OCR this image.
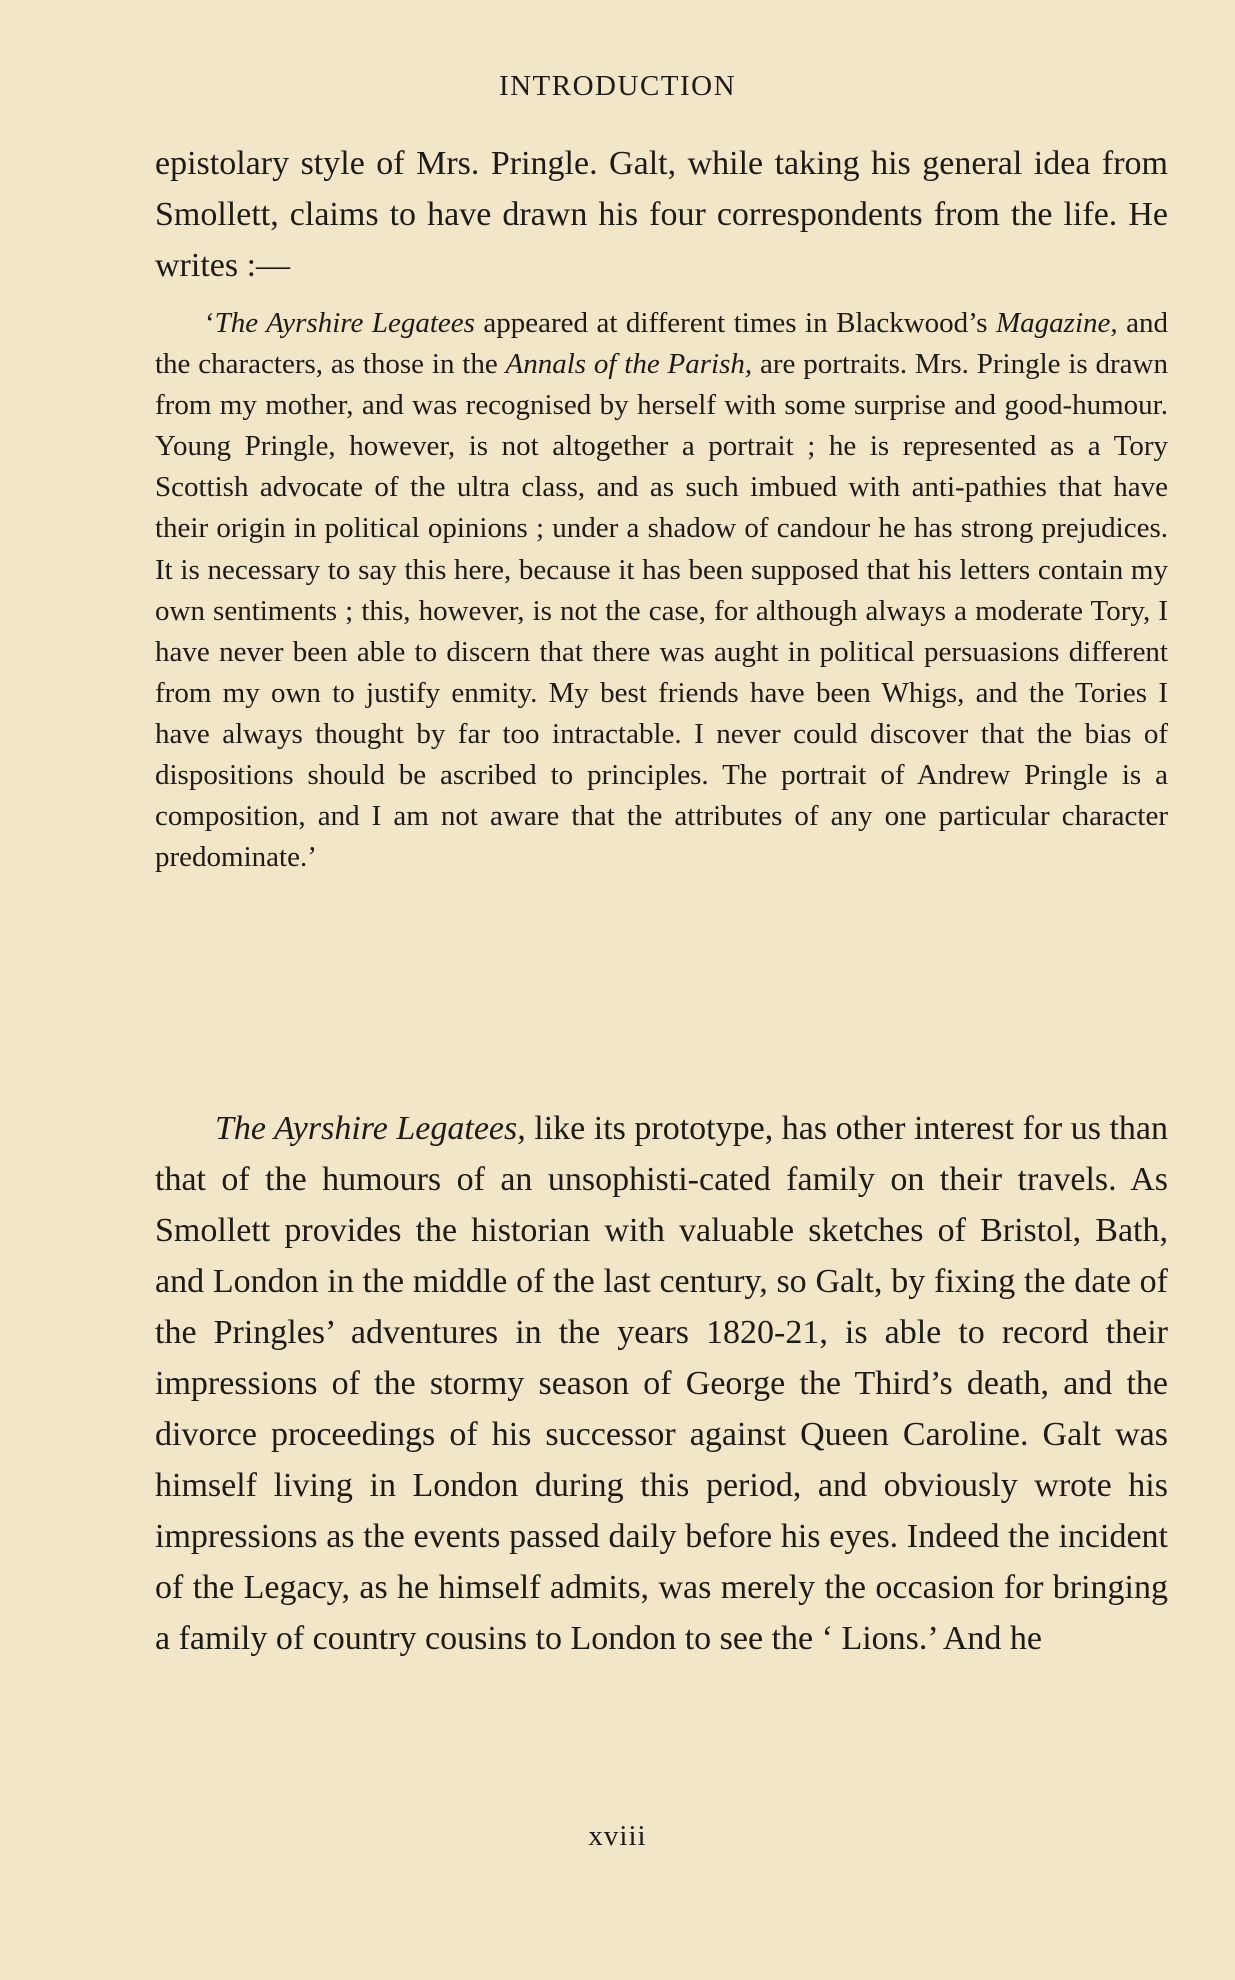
INTRODUCTION

epistolary style of Mrs. Pringle. Galt, while taking his general idea from Smollett, claims to have drawn his four correspondents from the life. He writes :—

‘The Ayrshire Legatees appeared at different times in Blackwood’s Magazine, and the characters, as those in the Annals of the Parish, are portraits. Mrs. Pringle is drawn from my mother, and was recognised by herself with some surprise and good-humour. Young Pringle, however, is not altogether a portrait ; he is represented as a Tory Scottish advocate of the ultra class, and as such imbued with anti-pathies that have their origin in political opinions ; under a shadow of candour he has strong prejudices. It is necessary to say this here, because it has been supposed that his letters contain my own sentiments ; this, however, is not the case, for although always a moderate Tory, I have never been able to discern that there was aught in political persuasions different from my own to justify enmity. My best friends have been Whigs, and the Tories I have always thought by far too intractable. I never could discover that the bias of dispositions should be ascribed to principles. The portrait of Andrew Pringle is a composition, and I am not aware that the attributes of any one particular character predominate.’

The Ayrshire Legatees, like its prototype, has other interest for us than that of the humours of an unsophisti-cated family on their travels. As Smollett provides the historian with valuable sketches of Bristol, Bath, and London in the middle of the last century, so Galt, by fixing the date of the Pringles’ adventures in the years 1820-21, is able to record their impressions of the stormy season of George the Third’s death, and the divorce proceedings of his successor against Queen Caroline. Galt was himself living in London during this period, and obviously wrote his impressions as the events passed daily before his eyes. Indeed the incident of the Legacy, as he himself admits, was merely the occasion for bringing a family of country cousins to London to see the ‘ Lions.’ And he

xviii
